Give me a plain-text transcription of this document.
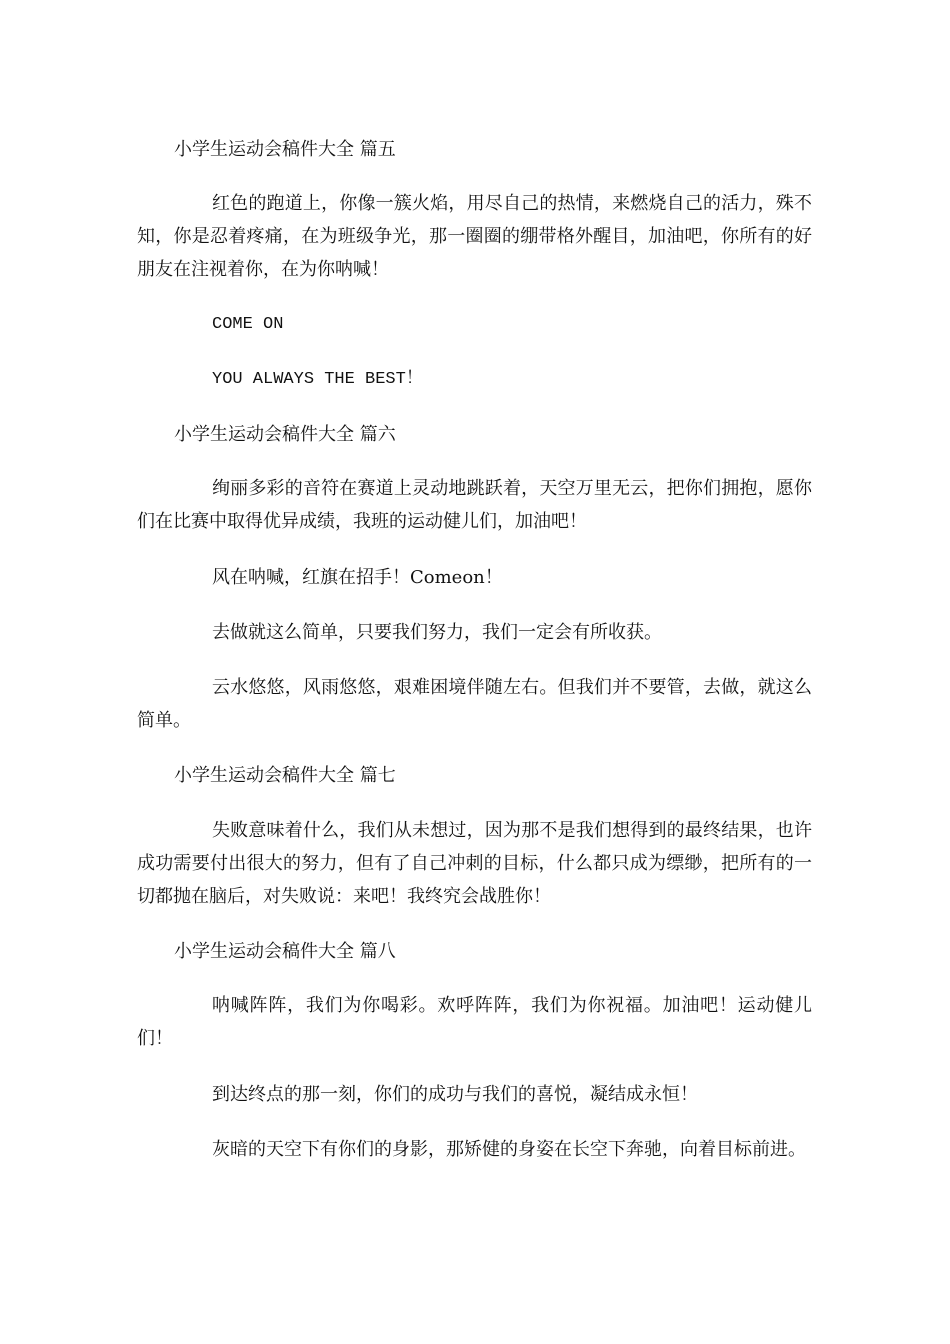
小学生运动会稿件大全 篇五

红色的跑道上，你像一簇火焰，用尽自己的热情，来燃烧自己的活力，殊不知，你是忍着疼痛，在为班级争光，那一圈圈的绷带格外醒目，加油吧，你所有的好朋友在注视着你，在为你呐喊！

COME ON

YOU ALWAYS THE BEST！

小学生运动会稿件大全 篇六

绚丽多彩的音符在赛道上灵动地跳跃着，天空万里无云，把你们拥抱，愿你们在比赛中取得优异成绩，我班的运动健儿们，加油吧！

风在呐喊，红旗在招手！Comeon！

去做就这么简单，只要我们努力，我们一定会有所收获。

云水悠悠，风雨悠悠，艰难困境伴随左右。但我们并不要管，去做，就这么简单。

小学生运动会稿件大全 篇七

失败意味着什么，我们从未想过，因为那不是我们想得到的最终结果，也许成功需要付出很大的努力，但有了自己冲刺的目标，什么都只成为缥缈，把所有的一切都抛在脑后，对失败说：来吧！我终究会战胜你！

小学生运动会稿件大全 篇八

呐喊阵阵，我们为你喝彩。欢呼阵阵，我们为你祝福。加油吧！运动健儿们！

到达终点的那一刻，你们的成功与我们的喜悦，凝结成永恒！

灰暗的天空下有你们的身影，那矫健的身姿在长空下奔驰，向着目标前进。
